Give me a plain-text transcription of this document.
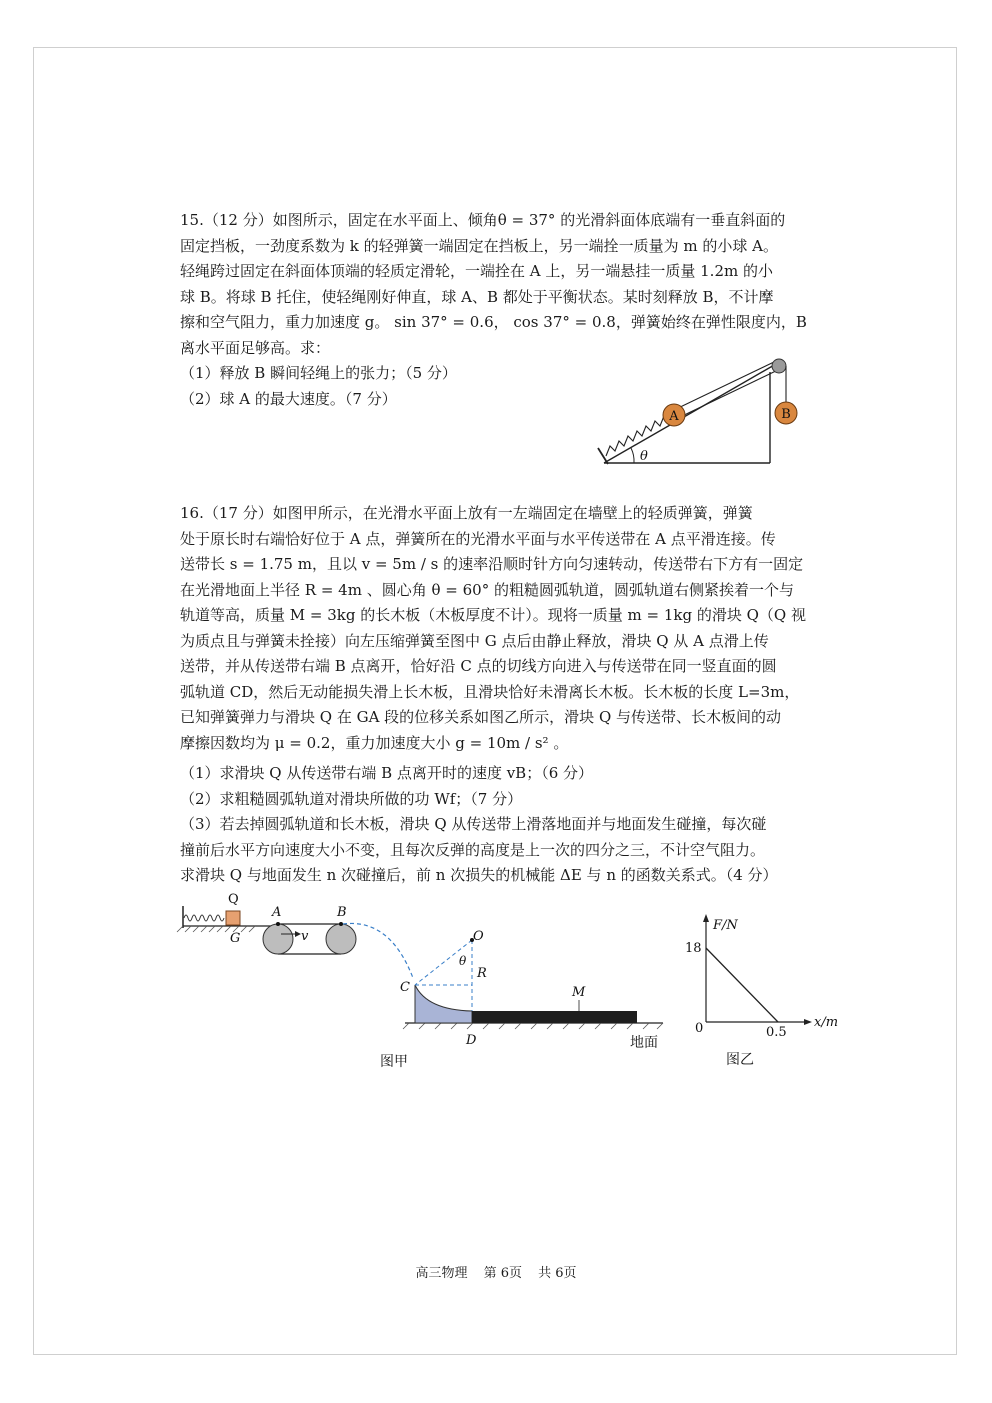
15.（12 分）如图所示，固定在水平面上、倾角θ = 37° 的光滑斜面体底端有一垂直斜面的
固定挡板，一劲度系数为 k 的轻弹簧一端固定在挡板上，另一端拴一质量为 m 的小球 A。
轻绳跨过固定在斜面体顶端的轻质定滑轮，一端拴在 A 上，另一端悬挂一质量 1.2m 的小
球 B。将球 B 托住，使轻绳刚好伸直，球 A、B 都处于平衡状态。某时刻释放 B，不计摩
擦和空气阻力，重力加速度 g。 sin 37° = 0.6， cos 37° = 0.8，弹簧始终在弹性限度内，B
离水平面足够高。求：
（1）释放 B 瞬间轻绳上的张力；（5 分）
（2）球 A 的最大速度。（7 分）
A	B
θ
16.（17 分）如图甲所示，在光滑水平面上放有一左端固定在墙壁上的轻质弹簧，弹簧
处于原长时右端恰好位于 A 点，弹簧所在的光滑水平面与水平传送带在 A 点平滑连接。传
送带长 s = 1.75 m，且以 v = 5m / s 的速率沿顺时针方向匀速转动，传送带右下方有一固定
在光滑地面上半径 R = 4m 、圆心角 θ = 60° 的粗糙圆弧轨道，圆弧轨道右侧紧挨着一个与
轨道等高，质量 M = 3kg 的长木板（木板厚度不计）。现将一质量 m = 1kg 的滑块 Q（Q 视
为质点且与弹簧未拴接）向左压缩弹簧至图中 G 点后由静止释放，滑块 Q 从 A 点滑上传
送带，并从传送带右端 B 点离开，恰好沿 C 点的切线方向进入与传送带在同一竖直面的圆
弧轨道 CD，然后无动能损失滑上长木板，且滑块恰好未滑离长木板。长木板的长度 L=3m，
已知弹簧弹力与滑块 Q 在 GA 段的位移关系如图乙所示，滑块 Q 与传送带、长木板间的动
摩擦因数均为 μ = 0.2，重力加速度大小 g = 10m / s² 。
（1）求滑块 Q 从传送带右端 B 点离开时的速度 vB；（6 分）
（2）求粗糙圆弧轨道对滑块所做的功 Wf；（7 分）
（3）若去掉圆弧轨道和长木板，滑块 Q 从传送带上滑落地面并与地面发生碰撞，每次碰
撞前后水平方向速度大小不变，且每次反弹的高度是上一次的四分之三，不计空气阻力。
求滑块 Q 与地面发生 n 次碰撞后，前 n 次损失的机械能 ΔE 与 n 的函数关系式。（4 分）
Q
G
A	B
v	O
θ
R
C	M
D	地面
图甲
F/N
x/m
18
0	0.5
图乙
高三物理 第 6页 共 6页
